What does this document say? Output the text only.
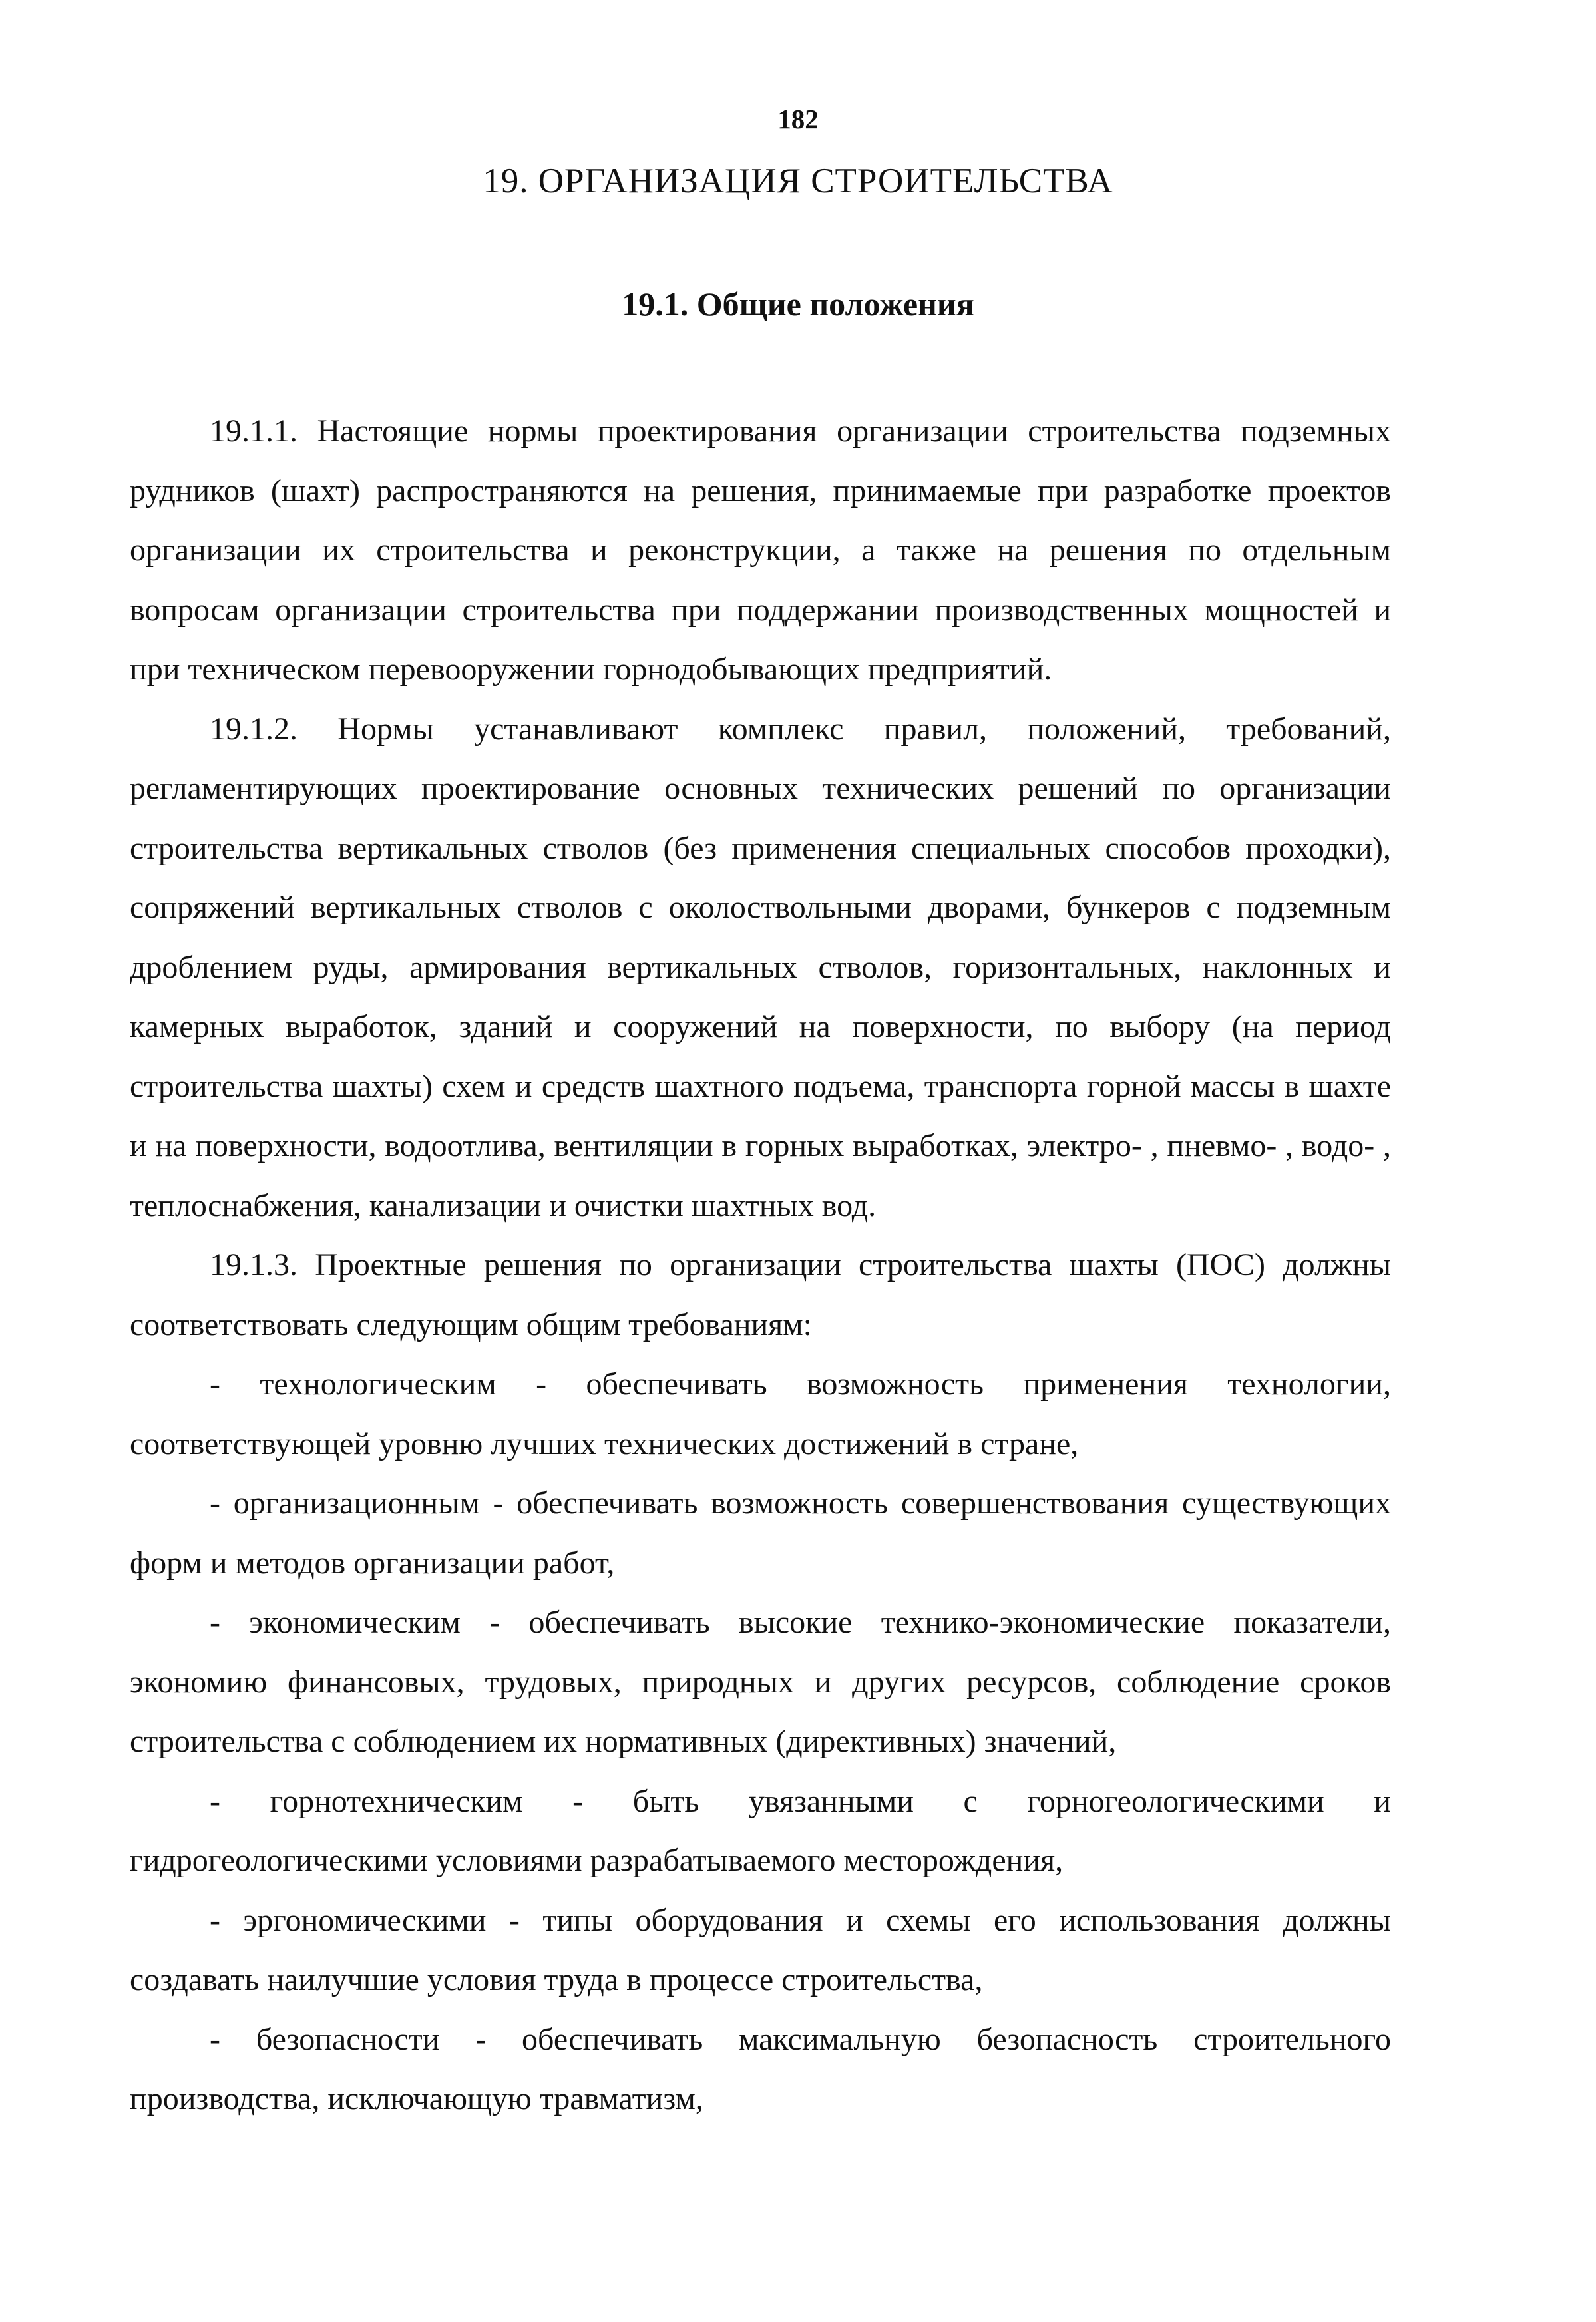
182
19. ОРГАНИЗАЦИЯ СТРОИТЕЛЬСТВА
19.1. Общие положения

19.1.1. Настоящие нормы проектирования организации строительства подземных рудников (шахт) распространяются на решения, принимаемые при разработке проектов организации их строительства и реконструкции, а также на решения по отдельным вопросам организации строительства при поддержании производственных мощностей и при техническом перевооружении горнодобывающих предприятий.

19.1.2. Нормы устанавливают комплекс правил, положений, требований, регламентирующих проектирование основных технических решений по организации строительства вертикальных стволов (без применения специальных способов проходки), сопряжений вертикальных стволов с околоствольными дворами, бункеров с подземным дроблением руды, армирования вертикальных стволов, горизонтальных, наклонных и камерных выработок, зданий и сооружений на поверхности, по выбору (на период строительства шахты) схем и средств шахтного подъема, транспорта горной массы в шахте и на поверхности, водоотлива, вентиляции в горных выработках, электро- , пневмо- , водо- , теплоснабжения, канализации и очистки шахтных вод.

19.1.3. Проектные решения по организации строительства шахты (ПОС) должны соответствовать следующим общим требованиям:

- технологическим - обеспечивать возможность применения технологии, соответствующей уровню лучших технических достижений в стране,

- организационным - обеспечивать возможность совершенствования существующих форм и методов организации работ,

- экономическим - обеспечивать высокие технико-экономические показатели, экономию финансовых, трудовых, природных и других ресурсов, соблюдение сроков строительства с соблюдением их нормативных (директивных) значений,

- горнотехническим - быть увязанными с горногеологическими и гидрогеологическими условиями разрабатываемого месторождения,

- эргономическими - типы оборудования и схемы его использования должны создавать наилучшие условия труда в процессе строительства,

- безопасности - обеспечивать максимальную безопасность строительного производства, исключающую травматизм,
